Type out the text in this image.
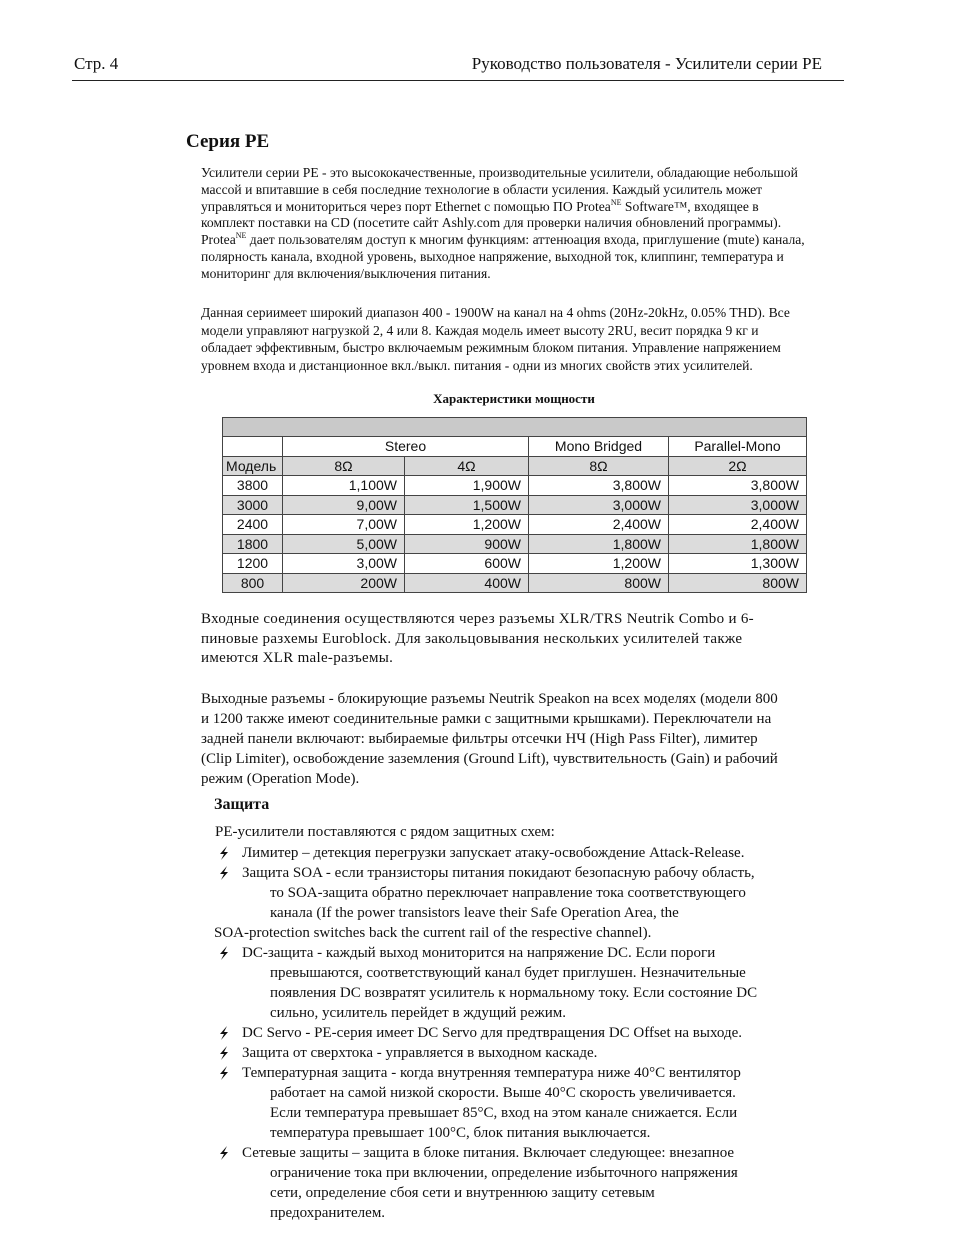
Стр. 4	Руководство пользователя - Усилители серии PE
Серия PE

Усилители серии PE - это высококачественные, производительные усилители, обладающие небольшой
массой и впитавшие в себя последние технологие в области усиления. Каждый усилитель может
управляться и мониториться через порт Ethernet с помощью ПО Protea$^{NE}$ Software™, входящее в
комплект поставки на CD (посетите сайт Ashly.com для проверки наличия обновлений программы).
Protea$^{NE}$ дает пользователям доступ к многим функциям: аттенюация входа, приглушение (mute) канала,
полярность канала, входной уровень, выходное напряжение, выходной ток, клиппинг, температура и
мониторинг для включения/выключения питания.

Данная сериимеет широкий диапазон 400 - 1900W на канал на 4 ohms (20Hz-20kHz, 0.05% THD). Все
модели управляют нагрузкой 2, 4 или 8. Каждая модель имеет высоту 2RU, весит порядка 9 кг и
обладает эффективным, быстро включаемым режимным блоком питания. Управление напряжением
уровнем входа и дистанционное вкл./выкл. питания - одни из многих свойств этих усилителей.

Характеристики мощности

	Stereo		Mono Bridged	Parallel-Mono
Модель	8Ω	4Ω	8Ω	2Ω
3800	1,100W	1,900W	3,800W	3,800W
3000	9,00W	1,500W	3,000W	3,000W
2400	7,00W	1,200W	2,400W	2,400W
1800	5,00W	900W	1,800W	1,800W
1200	3,00W	600W	1,200W	1,300W
800	200W	400W	800W	800W

Входные соединения осуществляются через разъемы XLR/TRS Neutrik Combo и 6-
пиновые разхемы Euroblock. Для закольцовывания нескольких усилителей также
имеются XLR male-разъемы.

Выходные разъемы - блокирующие разъемы Neutrik Speakon на всех моделях (модели 800
и 1200 также имеют соединительные рамки с защитными крышками). Переключатели на
задней панели включают: выбираемые фильтры отсечки НЧ (High Pass Filter), лимитер
(Clip Limiter), освобождение заземления (Ground Lift), чувствительность (Gain) и рабочий
режим (Operation Mode).

Защита
PE-усилители поставляются с рядом защитных схем:
Лимитер – детекция перегрузки запускает атаку-освобождение Attack-Release.
Защита SOA - если транзисторы питания покидают безопасную рабочу область,
то SOA-защита обратно переключает направление тока соответствующего
канала (If the power transistors leave their Safe Operation Area, the
SOA-protection switches back the current rail of the respective channel).
DC-защита - каждый выход мониторится на напряжение DC. Если пороги
превышаются, соответствующий канал будет приглушен. Незначительные
появления DC возвратят усилитель к нормальному току. Если состояние DC
сильно, усилитель перейдет в ждущий режим.
DC Servo - PE-серия имеет DC Servo для предтвращения DC Offset на выходе.
Защита от сверхтока - управляется в выходном каскаде.
Температурная защита - когда внутренняя температура ниже 40°C вентилятор
работает на самой низкой скорости. Выше 40°C скорость увеличивается.
Если температура превышает 85°C, вход на этом канале снижается. Если
температура превышает 100°C, блок питания выключается.
Сетевые защиты – защита в блоке питания. Включает следующее: внезапное
ограничение тока при включении, определение избыточного напряжения
сети, определение сбоя сети и внутреннюю защиту сетевым
предохранителем.
